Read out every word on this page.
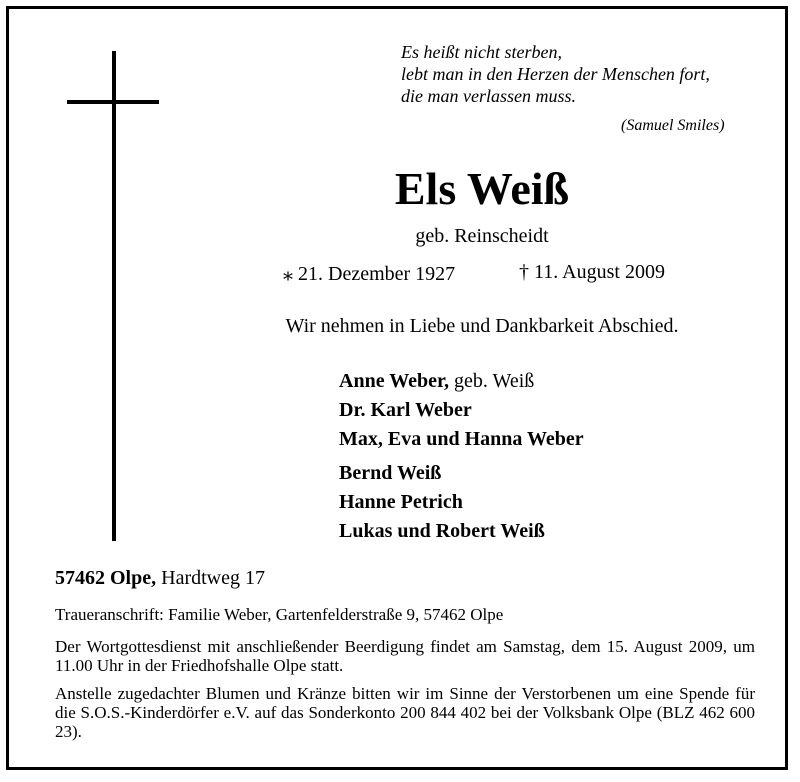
Es heißt nicht sterben,
lebt man in den Herzen der Menschen fort,
die man verlassen muss.
(Samuel Smiles)
Els Weiß
geb. Reinscheidt
⁎ 21. Dezember 1927	† 11. August 2009
Wir nehmen in Liebe und Dankbarkeit Abschied.
Anne Weber, geb. Weiß
Dr. Karl Weber
Max, Eva und Hanna Weber
Bernd Weiß
Hanne Petrich
Lukas und Robert Weiß
57462 Olpe, Hardtweg 17
Traueranschrift: Familie Weber, Gartenfelderstraße 9, 57462 Olpe
Der Wortgottesdienst mit anschließender Beerdigung findet am Samstag, dem 15. August 2009, um 11.00 Uhr in der Friedhofshalle Olpe statt.
Anstelle zugedachter Blumen und Kränze bitten wir im Sinne der Verstorbenen um eine Spende für die S.O.S.-Kinderdörfer e.V. auf das Sonderkonto 200 844 402 bei der Volksbank Olpe (BLZ 462 600 23).
